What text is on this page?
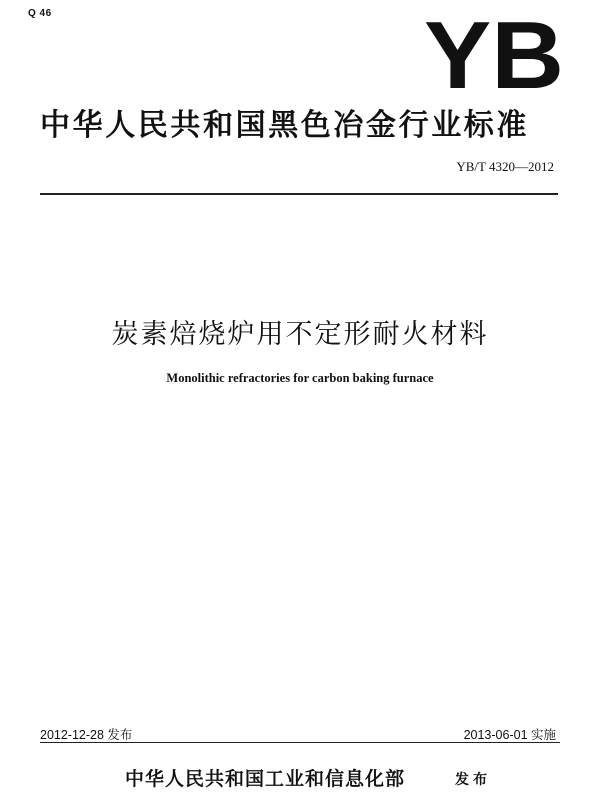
Q 46	YB
中华人民共和国黑色冶金行业标准
YB/T 4320—2012
炭素焙烧炉用不定形耐火材料
Monolithic refractories for carbon baking furnace
2012-12-28 发布	2013-06-01 实施
中华人民共和国工业和信息化部	发布
